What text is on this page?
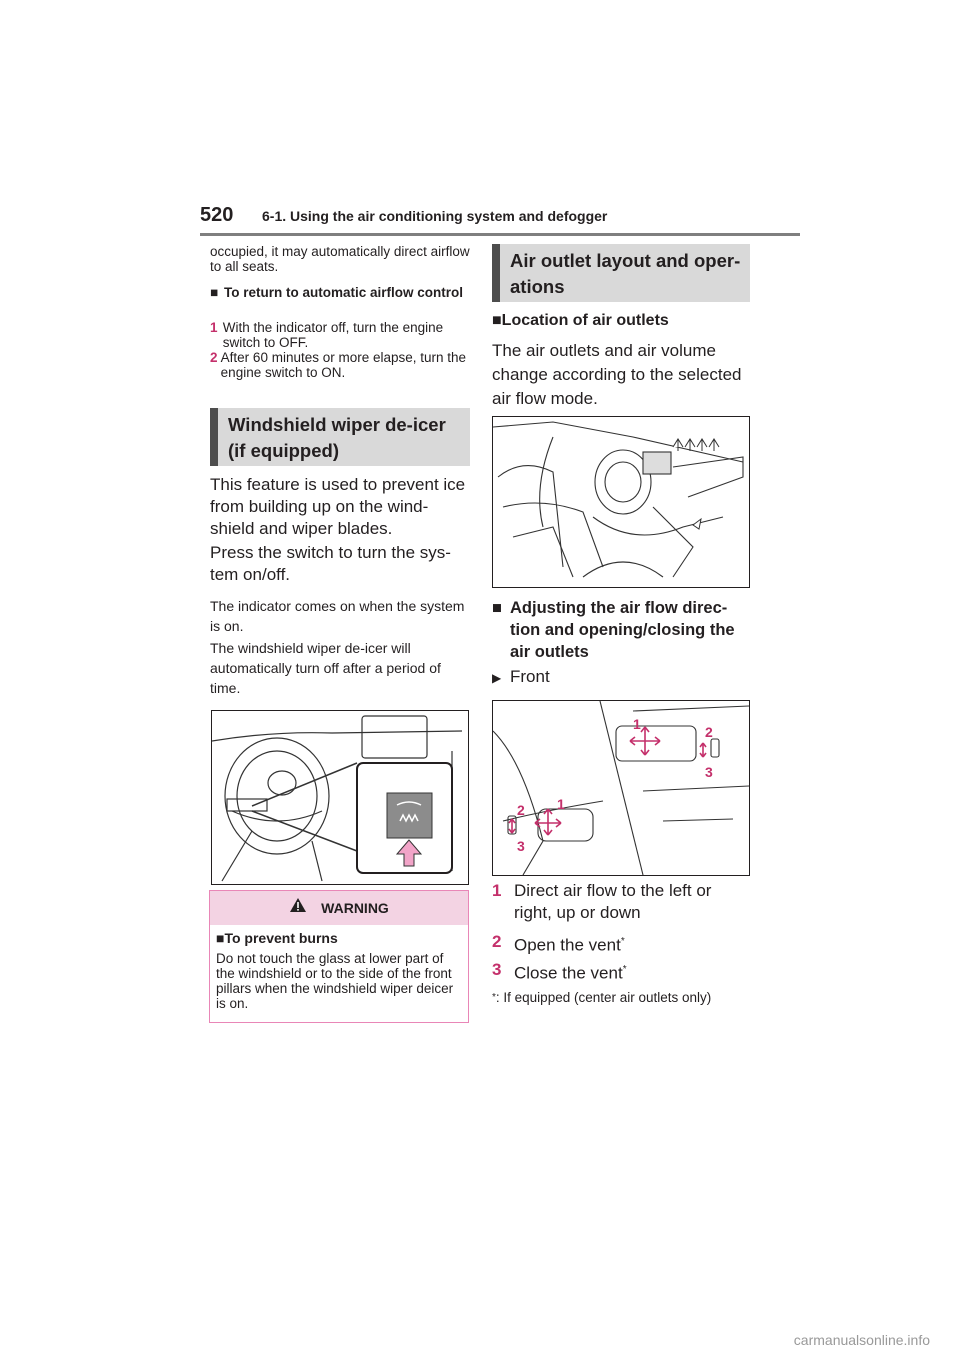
520 6-1. Using the air conditioning system and defogger
occupied, it may automatically direct airflow to all seats.
■ To return to automatic airflow control
1 With the indicator off, turn the engine switch to OFF.
2 After 60 minutes or more elapse, turn the engine switch to ON.
Windshield wiper de-icer (if equipped)
This feature is used to prevent ice from building up on the wind-shield and wiper blades.
Press the switch to turn the sys-tem on/off.
The indicator comes on when the system is on.
The windshield wiper de-icer will automatically turn off after a period of time.
WARNING
■To prevent burns
Do not touch the glass at lower part of the windshield or to the side of the front pillars when the windshield wiper deicer is on.
Air outlet layout and oper-ations
■Location of air outlets
The air outlets and air volume change according to the selected air flow mode.
■ Adjusting the air flow direc-tion and opening/closing the air outlets
▶ Front
1	2
3
1
2
3
1 Direct air flow to the left or right, up or down
2 Open the vent*
3 Close the vent*
* : If equipped (center air outlets only)
carmanualsonline.info
